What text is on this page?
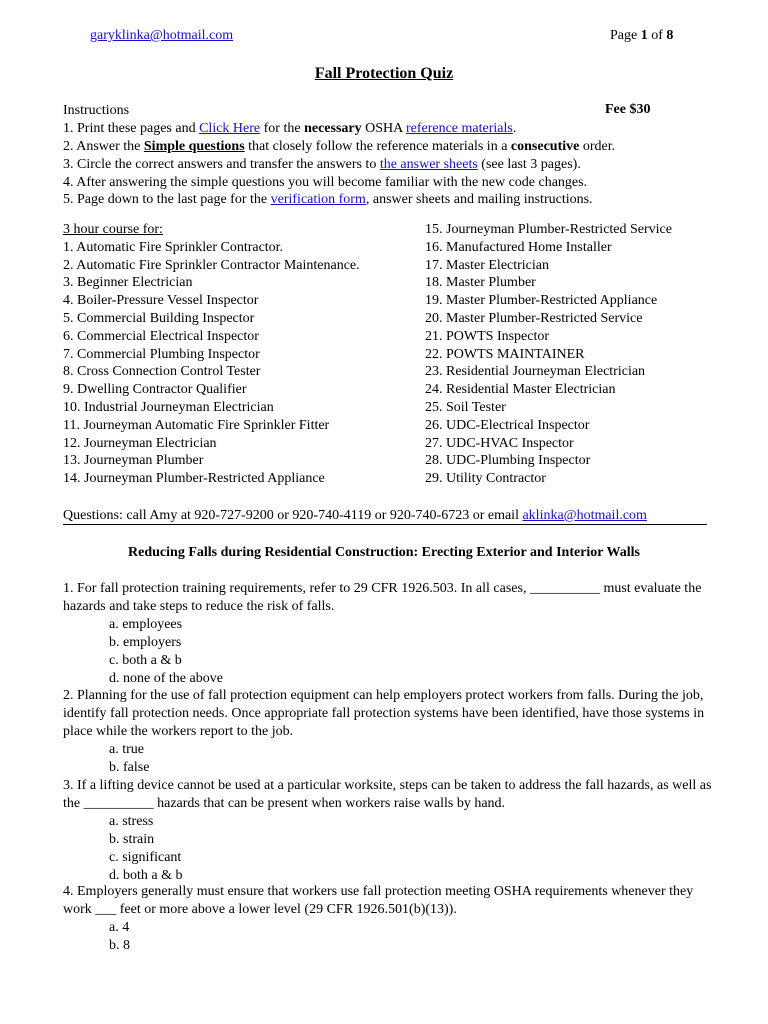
garyklinka@hotmail.com	Page 1 of 8
Fall Protection Quiz
Instructions	Fee $30
1. Print these pages and Click Here for the necessary OSHA reference materials.
2. Answer the Simple questions that closely follow the reference materials in a consecutive order.
3. Circle the correct answers and transfer the answers to the answer sheets (see last 3 pages).
4. After answering the simple questions you will become familiar with the new code changes.
5. Page down to the last page for the verification form, answer sheets and mailing instructions.
3 hour course for:
1. Automatic Fire Sprinkler Contractor.
2. Automatic Fire Sprinkler Contractor Maintenance.
3. Beginner Electrician
4. Boiler-Pressure Vessel Inspector
5. Commercial Building Inspector
6. Commercial Electrical Inspector
7. Commercial Plumbing Inspector
8. Cross Connection Control Tester
9. Dwelling Contractor Qualifier
10. Industrial Journeyman Electrician
11. Journeyman Automatic Fire Sprinkler Fitter
12. Journeyman Electrician
13. Journeyman Plumber
14. Journeyman Plumber-Restricted Appliance
15. Journeyman Plumber-Restricted Service
16. Manufactured Home Installer
17. Master Electrician
18. Master Plumber
19. Master Plumber-Restricted Appliance
20. Master Plumber-Restricted Service
21. POWTS Inspector
22. POWTS MAINTAINER
23. Residential Journeyman Electrician
24. Residential Master Electrician
25. Soil Tester
26. UDC-Electrical Inspector
27. UDC-HVAC Inspector
28. UDC-Plumbing Inspector
29. Utility Contractor
Questions: call Amy at 920-727-9200 or 920-740-4119 or 920-740-6723 or email aklinka@hotmail.com
Reducing Falls during Residential Construction: Erecting Exterior and Interior Walls
1. For fall protection training requirements, refer to 29 CFR 1926.503. In all cases, __________ must evaluate the hazards and take steps to reduce the risk of falls.
a. employees
b. employers
c. both a & b
d. none of the above
2. Planning for the use of fall protection equipment can help employers protect workers from falls. During the job, identify fall protection needs. Once appropriate fall protection systems have been identified, have those systems in place while the workers report to the job.
a. true
b. false
3. If a lifting device cannot be used at a particular worksite, steps can be taken to address the fall hazards, as well as the __________ hazards that can be present when workers raise walls by hand.
a. stress
b. strain
c. significant
d. both a & b
4. Employers generally must ensure that workers use fall protection meeting OSHA requirements whenever they work ___ feet or more above a lower level (29 CFR 1926.501(b)(13)).
a. 4
b. 8
